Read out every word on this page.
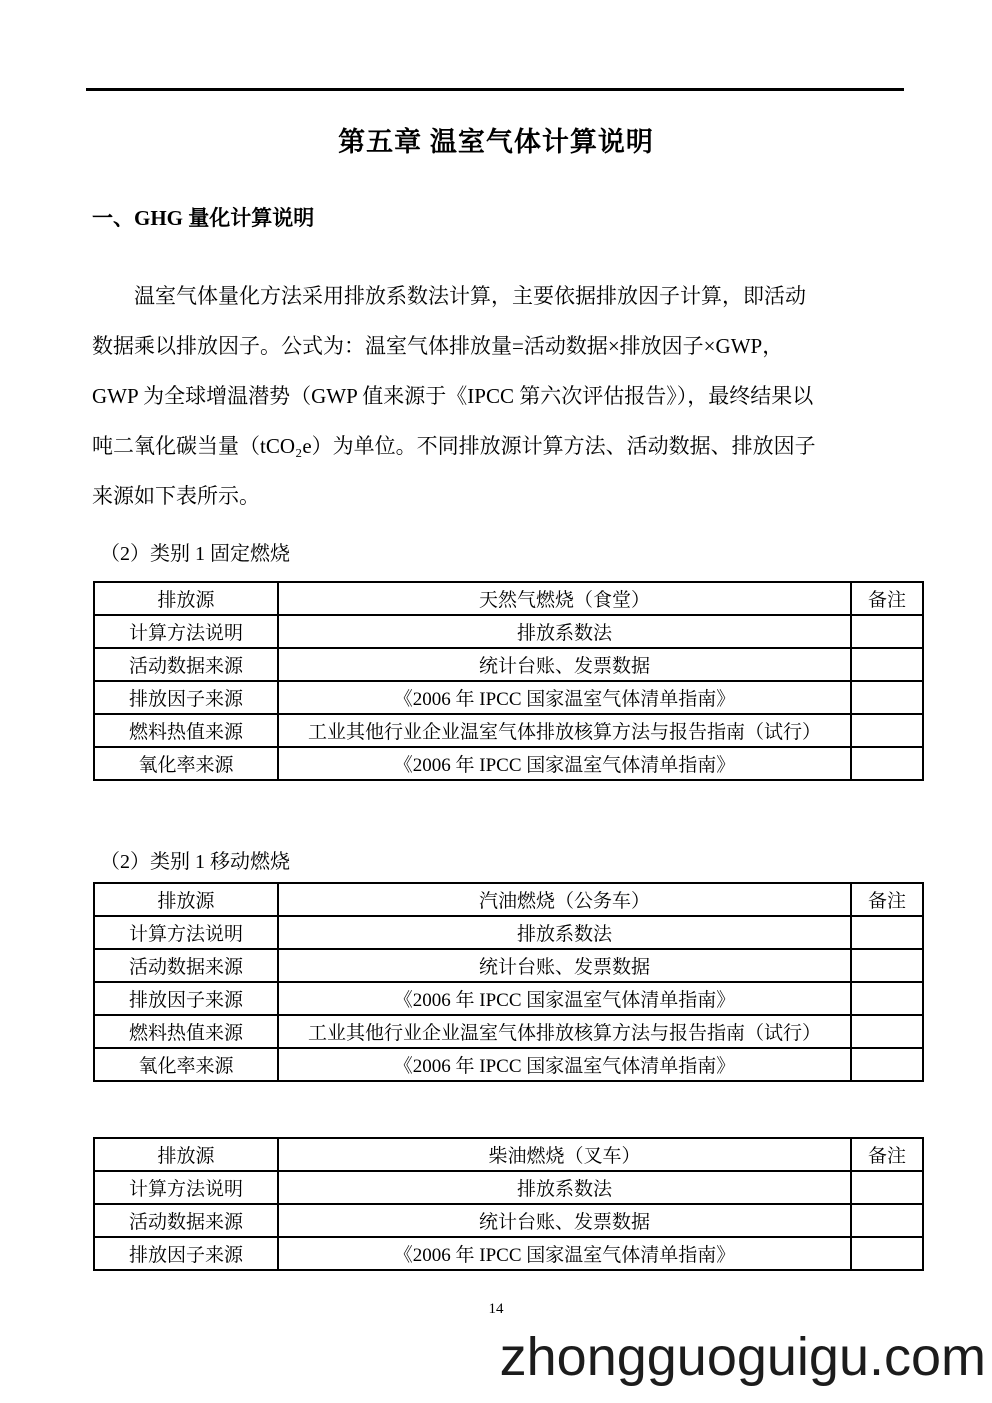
第五章 温室气体计算说明
一、GHG 量化计算说明
温室气体量化方法采用排放系数法计算，主要依据排放因子计算，即活动
数据乘以排放因子。公式为：温室气体排放量=活动数据×排放因子×GWP，
GWP 为全球增温潜势（GWP 值来源于《IPCC 第六次评估报告》），最终结果以
吨二氧化碳当量（tCO₂e）为单位。不同排放源计算方法、活动数据、排放因子
来源如下表所示。
（2）类别 1 固定燃烧
排放源	天然气燃烧（食堂）	备注
计算方法说明	排放系数法	
活动数据来源	统计台账、发票数据	
排放因子来源	《2006 年 IPCC 国家温室气体清单指南》	
燃料热值来源	工业其他行业企业温室气体排放核算方法与报告指南（试行）	
氧化率来源	《2006 年 IPCC 国家温室气体清单指南》	
（2）类别 1 移动燃烧
排放源	汽油燃烧（公务车）	备注
计算方法说明	排放系数法	
活动数据来源	统计台账、发票数据	
排放因子来源	《2006 年 IPCC 国家温室气体清单指南》	
燃料热值来源	工业其他行业企业温室气体排放核算方法与报告指南（试行）	
氧化率来源	《2006 年 IPCC 国家温室气体清单指南》	
排放源	柴油燃烧（叉车）	备注
计算方法说明	排放系数法	
活动数据来源	统计台账、发票数据	
排放因子来源	《2006 年 IPCC 国家温室气体清单指南》	
14
zhongguoguigu.com
